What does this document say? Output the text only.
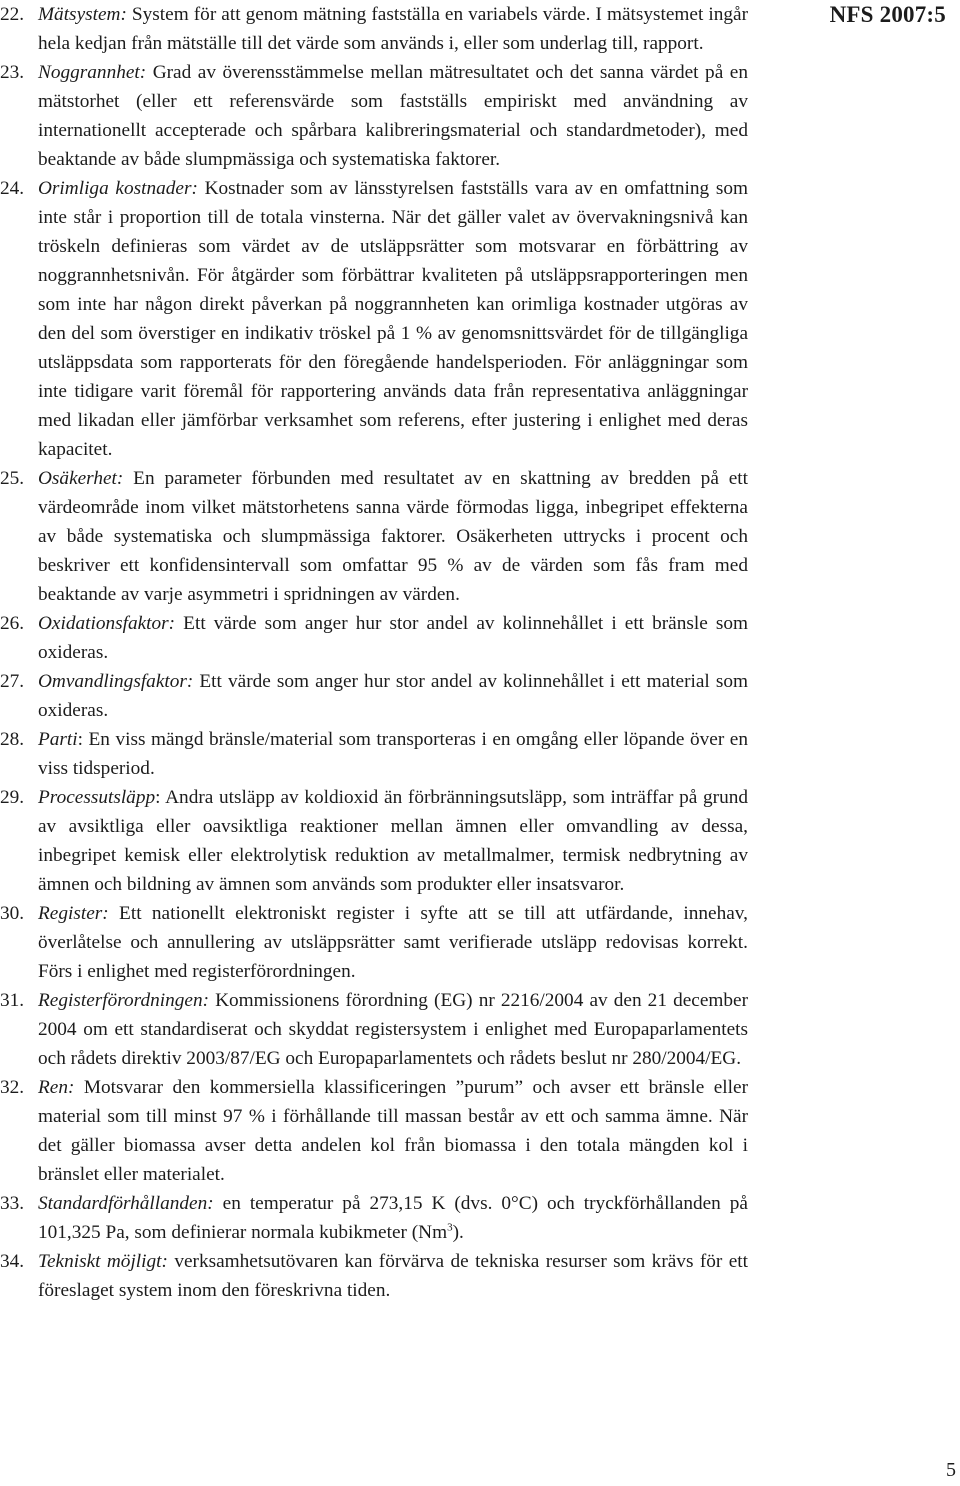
NFS 2007:5
22. Mätsystem: System för att genom mätning fastställa en variabels värde. I mätsystemet ingår hela kedjan från mätställe till det värde som används i, eller som underlag till, rapport.
23. Noggrannhet: Grad av överensstämmelse mellan mätresultatet och det sanna värdet på en mätstorhet (eller ett referensvärde som fastställs empiriskt med användning av internationellt accepterade och spårbara kalibreringsmaterial och standardmetoder), med beaktande av både slumpmässiga och systematiska faktorer.
24. Orimliga kostnader: Kostnader som av länsstyrelsen fastställs vara av en omfattning som inte står i proportion till de totala vinsterna. När det gäller valet av övervakningsnivå kan tröskeln definieras som värdet av de utsläppsrätter som motsvarar en förbättring av noggrannhetsnivån. För åtgärder som förbättrar kvaliteten på utsläppsrapporteringen men som inte har någon direkt påverkan på noggrannheten kan orimliga kostnader utgöras av den del som överstiger en indikativ tröskel på 1 % av genomsnittsvärdet för de tillgängliga utsläppsdata som rapporterats för den föregående handelsperioden. För anläggningar som inte tidigare varit föremål för rapportering används data från representativa anläggningar med likadan eller jämförbar verksamhet som referens, efter justering i enlighet med deras kapacitet.
25. Osäkerhet: En parameter förbunden med resultatet av en skattning av bredden på ett värdeområde inom vilket mätstorhetens sanna värde förmodas ligga, inbegripet effekterna av både systematiska och slumpmässiga faktorer. Osäkerheten uttrycks i procent och beskriver ett konfidensintervall som omfattar 95 % av de värden som fås fram med beaktande av varje asymmetri i spridningen av värden.
26. Oxidationsfaktor: Ett värde som anger hur stor andel av kolinnehållet i ett bränsle som oxideras.
27. Omvandlingsfaktor: Ett värde som anger hur stor andel av kolinnehållet i ett material som oxideras.
28. Parti: En viss mängd bränsle/material som transporteras i en omgång eller löpande över en viss tidsperiod.
29. Processutsläpp: Andra utsläpp av koldioxid än förbränningsutsläpp, som inträffar på grund av avsiktliga eller oavsiktliga reaktioner mellan ämnen eller omvandling av dessa, inbegripet kemisk eller elektrolytisk reduktion av metallmalmer, termisk nedbrytning av ämnen och bildning av ämnen som används som produkter eller insatsvaror.
30. Register: Ett nationellt elektroniskt register i syfte att se till att utfärdande, innehav, överlåtelse och annullering av utsläppsrätter samt verifierade utsläpp redovisas korrekt. Förs i enlighet med registerförordningen.
31. Registerförordningen: Kommissionens förordning (EG) nr 2216/2004 av den 21 december 2004 om ett standardiserat och skyddat registersystem i enlighet med Europaparlamentets och rådets direktiv 2003/87/EG och Europaparlamentets och rådets beslut nr 280/2004/EG.
32. Ren: Motsvarar den kommersiella klassificeringen ”purum” och avser ett bränsle eller material som till minst 97 % i förhållande till massan består av ett och samma ämne. När det gäller biomassa avser detta andelen kol från biomassa i den totala mängden kol i bränslet eller materialet.
33. Standardförhållanden: en temperatur på 273,15 K (dvs. 0°C) och tryckförhållanden på 101,325 Pa, som definierar normala kubikmeter (Nm$^3$).
34. Tekniskt möjligt: verksamhetsutövaren kan förvärva de tekniska resurser som krävs för ett föreslaget system inom den föreskrivna tiden.
5
